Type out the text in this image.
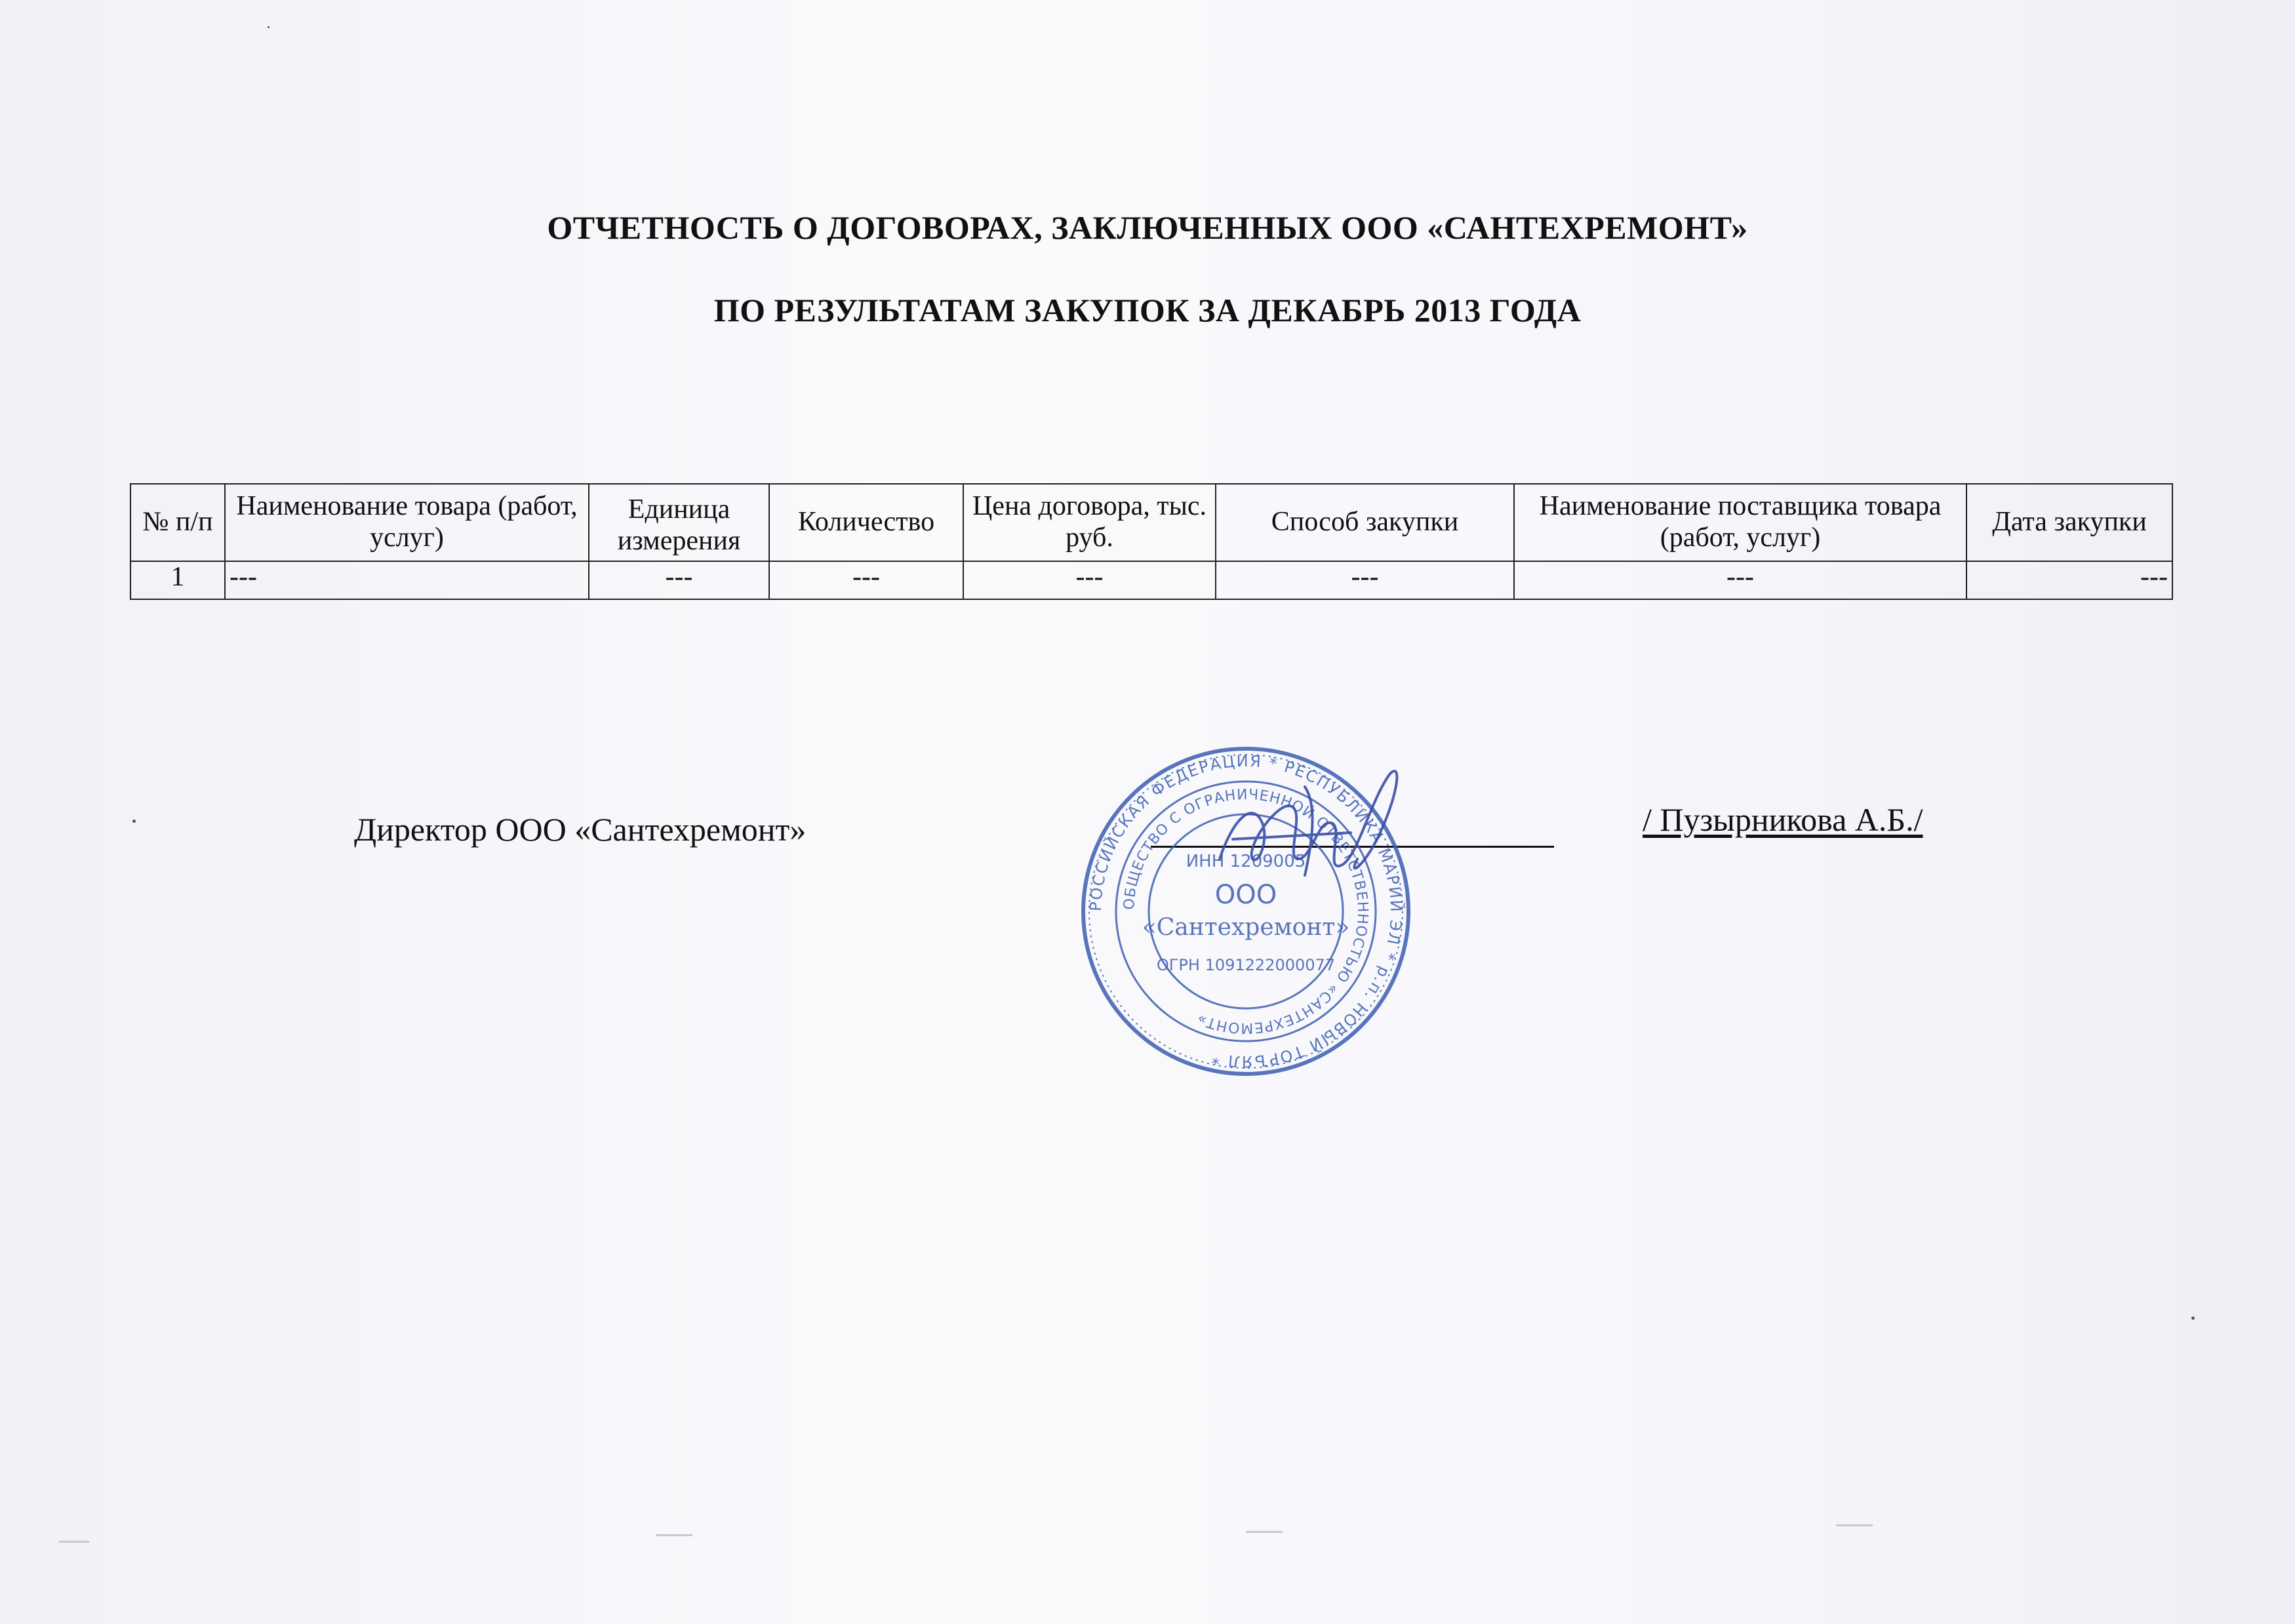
ОТЧЕТНОСТЬ О ДОГОВОРАХ, ЗАКЛЮЧЕННЫХ ООО «САНТЕХРЕМОНТ»
ПО РЕЗУЛЬТАТАМ ЗАКУПОК ЗА ДЕКАБРЬ 2013 ГОДА
№ п/п	Наименование товара (работ, услуг)	Единица измерения	Количество	Цена договора, тыс. руб.	Способ закупки	Наименование поставщика товара (работ, услуг)	Дата закупки
1	---	---	---	---	---	---	---
Директор ООО «Сантехремонт»	/ Пузырникова А.Б./
РОССИЙСКАЯ ФЕДЕРАЦИЯ * РЕСПУБЛИКА МАРИЙ ЭЛ * р.п. НОВЫЙ ТОРЪЯЛ *
ОБЩЕСТВО С ОГРАНИЧЕННОЙ ОТВЕТСТВЕННОСТЬЮ «САНТЕХРЕМОНТ»
ИНН 1209005
ООО
«Сантехремонт»
ОГРН 1091222000077
